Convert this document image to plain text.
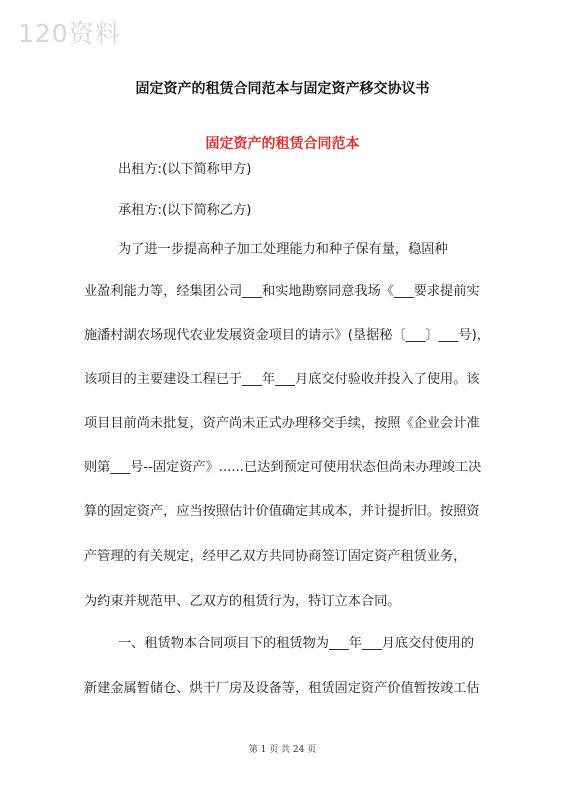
120资料
固定资产的租赁合同范本与固定资产移交协议书
固定资产的租赁合同范本
出租方:(以下简称甲方)
承租方:(以下简称乙方)
为了进一步提高种子加工处理能力和种子保有量，稳固种
业盈利能力等，经集团公司___和实地勘察同意我场《___要求提前实
施潘村湖农场现代农业发展资金项目的请示》(垦据秘〔___〕___号)，
该项目的主要建设工程已于___年___月底交付验收并投入了使用。该
项目目前尚未批复，资产尚未正式办理移交手续，按照《企业会计准
则第___号--固定资产》......已达到预定可使用状态但尚未办理竣工决
算的固定资产，应当按照估计价值确定其成本，并计提折旧。按照资
产管理的有关规定，经甲乙双方共同协商签订固定资产租赁业务，
为约束并规范甲、乙双方的租赁行为，特订立本合同。
一、租赁物本合同项目下的租赁物为___年___月底交付使用的
新建金属暂储仓、烘干厂房及设备等，租赁固定资产价值暂按竣工估
第 1 页 共 24 页
